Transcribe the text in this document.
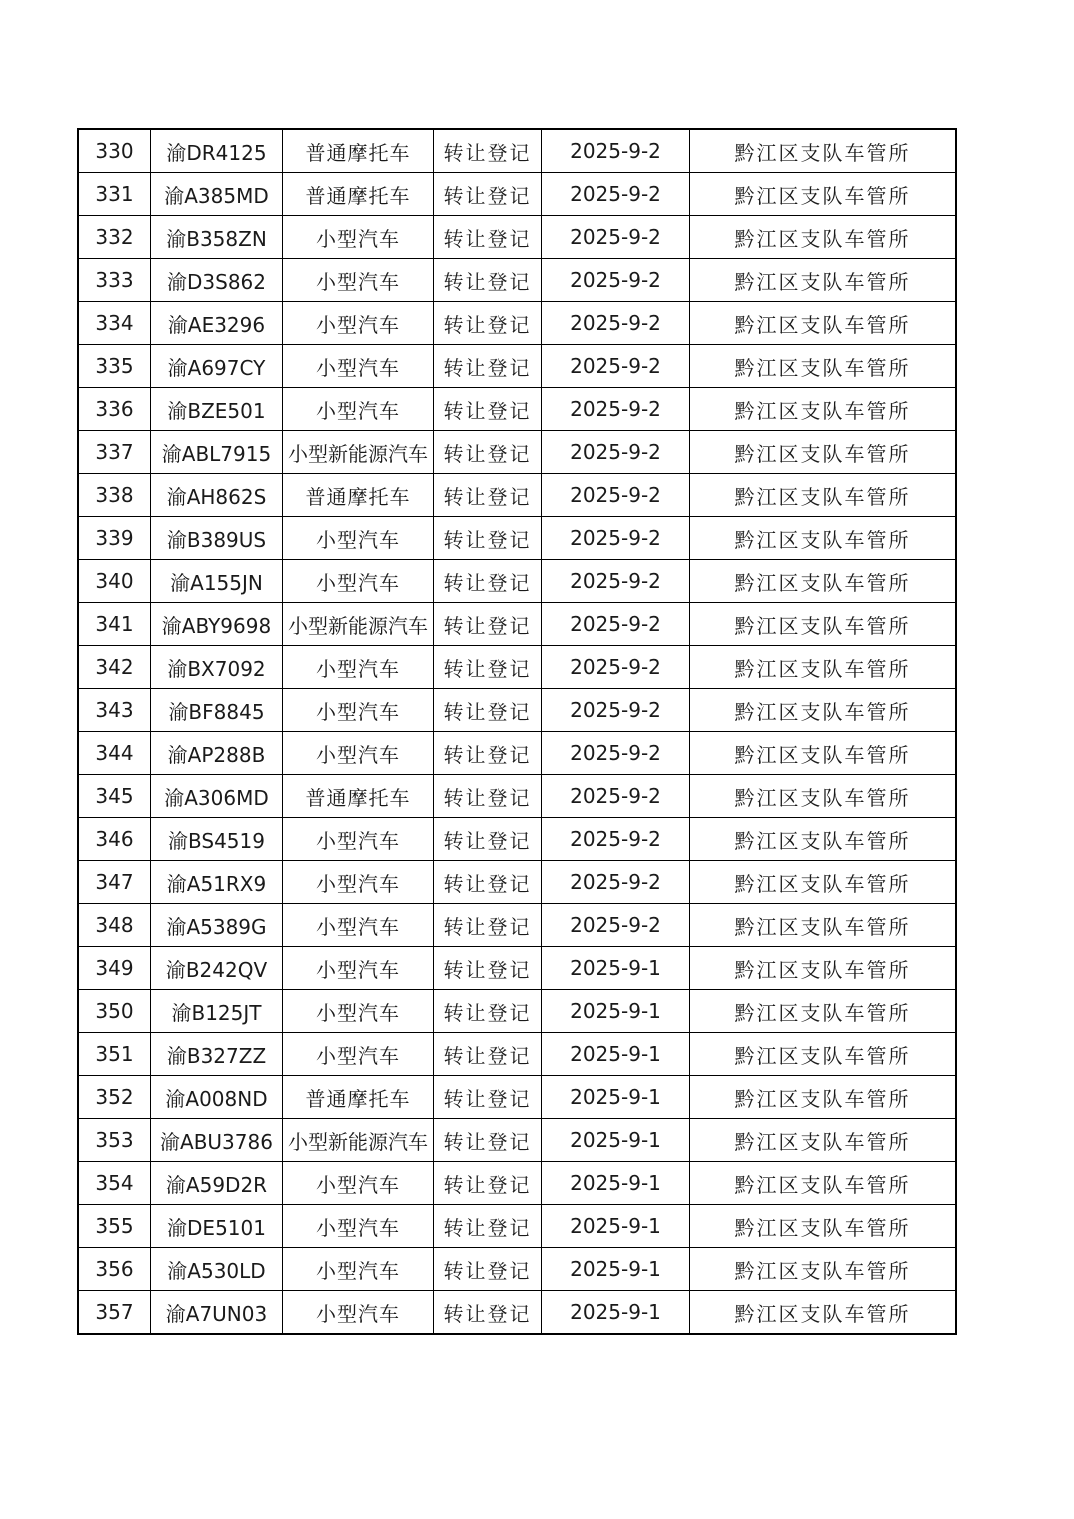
330	渝DR4125	普通摩托车	转让登记	2025-9-2	黔江区支队车管所
331	渝A385MD	普通摩托车	转让登记	2025-9-2	黔江区支队车管所
332	渝B358ZN	小型汽车	转让登记	2025-9-2	黔江区支队车管所
333	渝D3S862	小型汽车	转让登记	2025-9-2	黔江区支队车管所
334	渝AE3296	小型汽车	转让登记	2025-9-2	黔江区支队车管所
335	渝A697CY	小型汽车	转让登记	2025-9-2	黔江区支队车管所
336	渝BZE501	小型汽车	转让登记	2025-9-2	黔江区支队车管所
337	渝ABL7915	小型新能源汽车	转让登记	2025-9-2	黔江区支队车管所
338	渝AH862S	普通摩托车	转让登记	2025-9-2	黔江区支队车管所
339	渝B389US	小型汽车	转让登记	2025-9-2	黔江区支队车管所
340	渝A155JN	小型汽车	转让登记	2025-9-2	黔江区支队车管所
341	渝ABY9698	小型新能源汽车	转让登记	2025-9-2	黔江区支队车管所
342	渝BX7092	小型汽车	转让登记	2025-9-2	黔江区支队车管所
343	渝BF8845	小型汽车	转让登记	2025-9-2	黔江区支队车管所
344	渝AP288B	小型汽车	转让登记	2025-9-2	黔江区支队车管所
345	渝A306MD	普通摩托车	转让登记	2025-9-2	黔江区支队车管所
346	渝BS4519	小型汽车	转让登记	2025-9-2	黔江区支队车管所
347	渝A51RX9	小型汽车	转让登记	2025-9-2	黔江区支队车管所
348	渝A5389G	小型汽车	转让登记	2025-9-2	黔江区支队车管所
349	渝B242QV	小型汽车	转让登记	2025-9-1	黔江区支队车管所
350	渝B125JT	小型汽车	转让登记	2025-9-1	黔江区支队车管所
351	渝B327ZZ	小型汽车	转让登记	2025-9-1	黔江区支队车管所
352	渝A008ND	普通摩托车	转让登记	2025-9-1	黔江区支队车管所
353	渝ABU3786	小型新能源汽车	转让登记	2025-9-1	黔江区支队车管所
354	渝A59D2R	小型汽车	转让登记	2025-9-1	黔江区支队车管所
355	渝DE5101	小型汽车	转让登记	2025-9-1	黔江区支队车管所
356	渝A530LD	小型汽车	转让登记	2025-9-1	黔江区支队车管所
357	渝A7UN03	小型汽车	转让登记	2025-9-1	黔江区支队车管所
